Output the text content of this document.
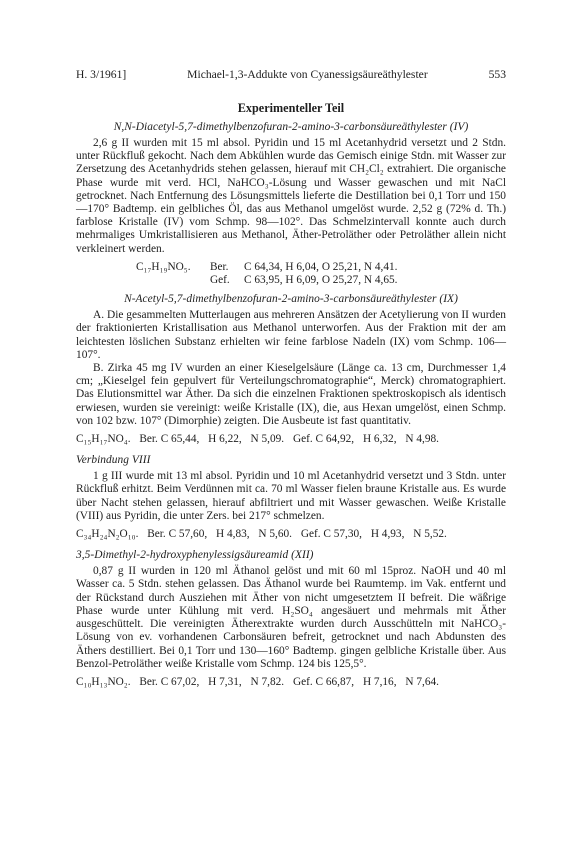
H. 3/1961]	Michael-1,3-Addukte von Cyanessigsäureäthylester	553
Experimenteller Teil
N,N-Diacetyl-5,7-dimethylbenzofuran-2-amino-3-carbonsäureäthylester (IV)

2,6 g II wurden mit 15 ml absol. Pyridin und 15 ml Acetanhydrid versetzt und 2 Stdn. unter Rückfluß gekocht. Nach dem Abkühlen wurde das Gemisch einige Stdn. mit Wasser zur Zersetzung des Acetanhydrids stehen gelassen, hierauf mit CH₂Cl₂ extrahiert. Die organische Phase wurde mit verd. HCl, NaHCO₃-Lösung und Wasser gewaschen und mit NaCl getrocknet. Nach Entfernung des Lösungsmittels lieferte die Destillation bei 0,1 Torr und 150—170° Badtemp. ein gelbliches Öl, das aus Methanol umgelöst wurde. 2,52 g (72% d. Th.) farblose Kristalle (IV) vom Schmp. 98—102°. Das Schmelzintervall konnte auch durch mehrmaliges Umkristallisieren aus Methanol, Äther-Petroläther oder Petroläther allein nicht verkleinert werden.

C₁₇H₁₉NO₅.	Ber.	C 64,34, H 6,04, O 25,21, N 4,41.
Gef.	C 63,95, H 6,09, O 25,27, N 4,65.
N-Acetyl-5,7-dimethylbenzofuran-2-amino-3-carbonsäureäthylester (IX)

A. Die gesammelten Mutterlaugen aus mehreren Ansätzen der Acetylierung von II wurden der fraktionierten Kristallisation aus Methanol unterworfen. Aus der Fraktion mit der am leichtesten löslichen Substanz erhielten wir feine farblose Nadeln (IX) vom Schmp. 106—107°.

B. Zirka 45 mg IV wurden an einer Kieselgelsäure (Länge ca. 13 cm, Durchmesser 1,4 cm; „Kieselgel fein gepulvert für Verteilungschromatographie“, Merck) chromatographiert. Das Elutionsmittel war Äther. Da sich die einzelnen Fraktionen spektroskopisch als identisch erwiesen, wurden sie vereinigt: weiße Kristalle (IX), die, aus Hexan umgelöst, einen Schmp. von 102 bzw. 107° (Dimorphie) zeigten. Die Ausbeute ist fast quantitativ.

C₁₅H₁₇NO₄. Ber. C 65,44, H 6,22, N 5,09. Gef. C 64,92, H 6,32, N 4,98.
Verbindung VIII

1 g III wurde mit 13 ml absol. Pyridin und 10 ml Acetanhydrid versetzt und 3 Stdn. unter Rückfluß erhitzt. Beim Verdünnen mit ca. 70 ml Wasser fielen braune Kristalle aus. Es wurde über Nacht stehen gelassen, hierauf abfiltriert und mit Wasser gewaschen. Weiße Kristalle (VIII) aus Pyridin, die unter Zers. bei 217° schmelzen.

C₃₄H₂₄N₂O₁₀. Ber. C 57,60, H 4,83, N 5,60. Gef. C 57,30, H 4,93, N 5,52.
3,5-Dimethyl-2-hydroxyphenylessigsäureamid (XII)

0,87 g II wurden in 120 ml Äthanol gelöst und mit 60 ml 15proz. NaOH und 40 ml Wasser ca. 5 Stdn. stehen gelassen. Das Äthanol wurde bei Raumtemp. im Vak. entfernt und der Rückstand durch Ausziehen mit Äther von nicht umgesetztem II befreit. Die wäßrige Phase wurde unter Kühlung mit verd. H₂SO₄ angesäuert und mehrmals mit Äther ausgeschüttelt. Die vereinigten Ätherextrakte wurden durch Ausschütteln mit NaHCO₃-Lösung von ev. vorhandenen Carbonsäuren befreit, getrocknet und nach Abdunsten des Äthers destilliert. Bei 0,1 Torr und 130—160° Badtemp. gingen gelbliche Kristalle über. Aus Benzol-Petroläther weiße Kristalle vom Schmp. 124 bis 125,5°.

C₁₀H₁₃NO₂. Ber. C 67,02, H 7,31, N 7,82. Gef. C 66,87, H 7,16, N 7,64.
